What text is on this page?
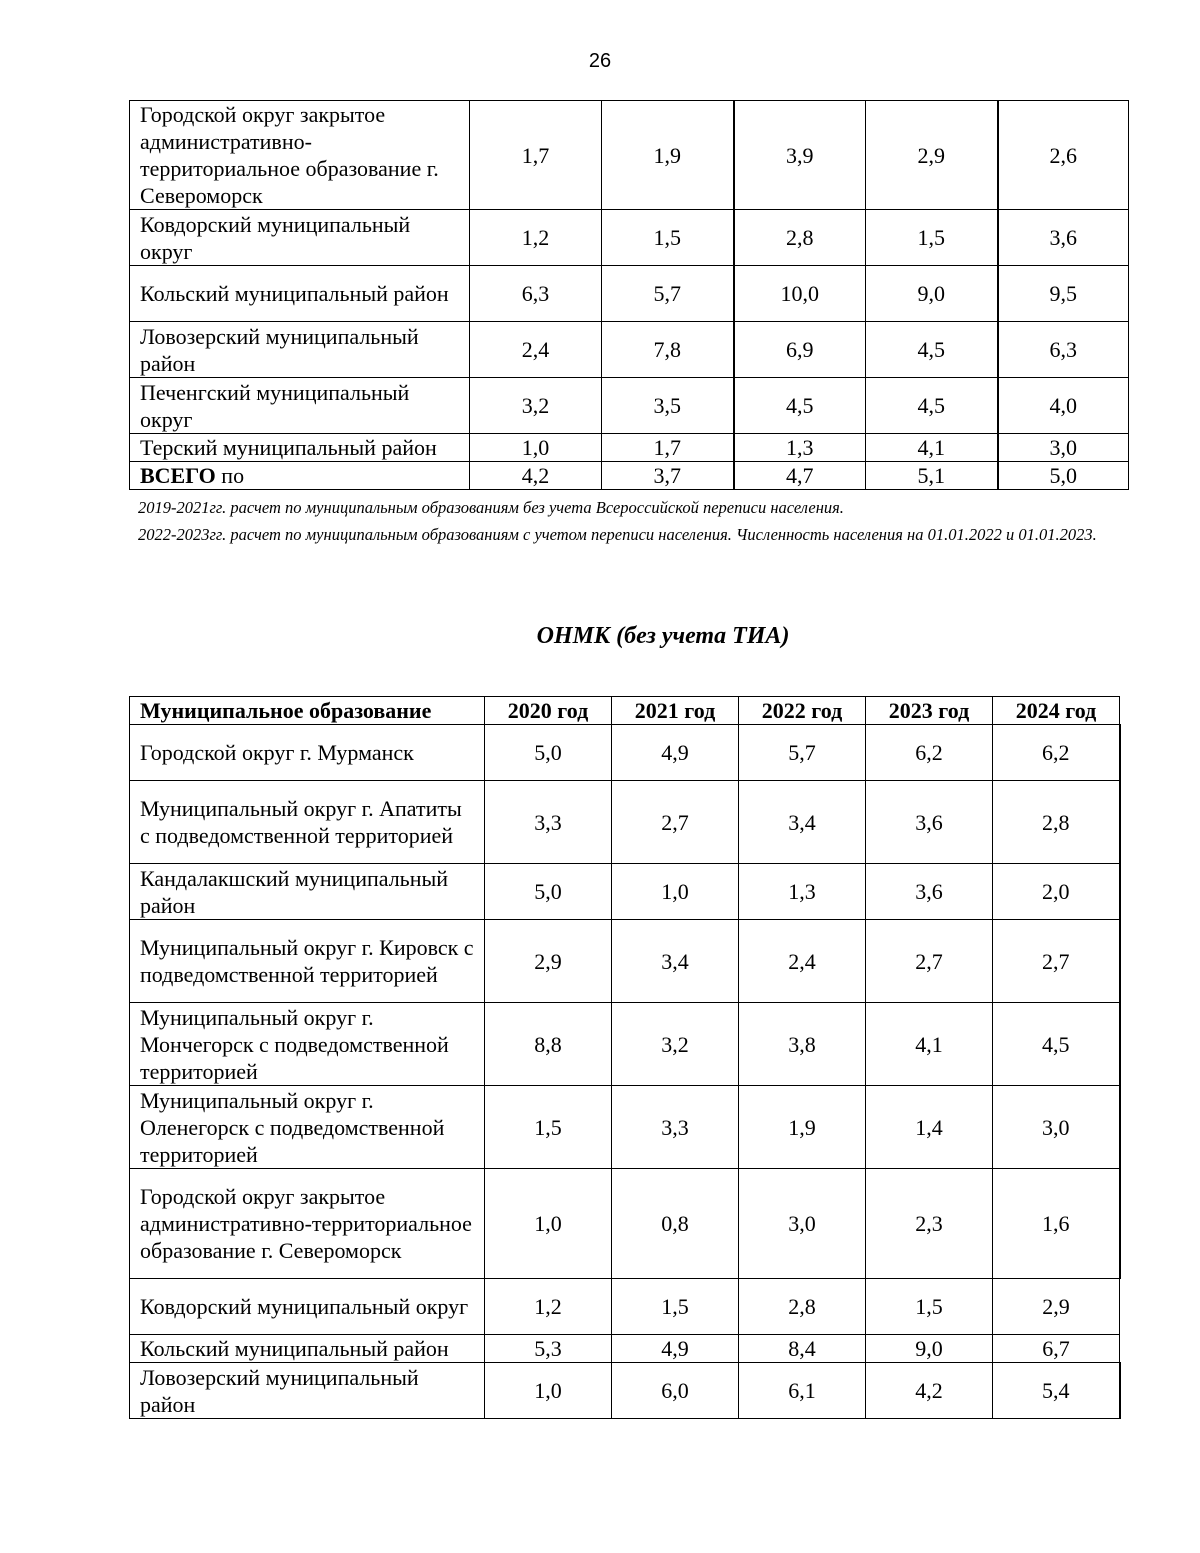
26
Городской округ закрытое административно-территориальное образование г. Североморск	1,7	1,9	3,9	2,9	2,6
Ковдорский муниципальный округ	1,2	1,5	2,8	1,5	3,6
Кольский муниципальный район	6,3	5,7	10,0	9,0	9,5
Ловозерский муниципальный район	2,4	7,8	6,9	4,5	6,3
Печенгский муниципальный округ	3,2	3,5	4,5	4,5	4,0
Терский муниципальный район	1,0	1,7	1,3	4,1	3,0
ВСЕГО по	4,2	3,7	4,7	5,1	5,0
2019-2021гг. расчет по муниципальным образованиям без учета Всероссийской переписи населения.
2022-2023гг. расчет по муниципальным образованиям с учетом переписи населения. Численность населения на 01.01.2022 и 01.01.2023.
ОНМК (без учета ТИА)
Муниципальное образование	2020 год	2021 год	2022 год	2023 год	2024 год
Городской округ г. Мурманск	5,0	4,9	5,7	6,2	6,2
Муниципальный округ г. Апатиты с подведомственной территорией	3,3	2,7	3,4	3,6	2,8
Кандалакшский муниципальный район	5,0	1,0	1,3	3,6	2,0
Муниципальный округ г. Кировск с подведомственной территорией	2,9	3,4	2,4	2,7	2,7
Муниципальный округ г. Мончегорск с подведомственной территорией	8,8	3,2	3,8	4,1	4,5
Муниципальный округ г. Оленегорск с подведомственной территорией	1,5	3,3	1,9	1,4	3,0
Городской округ закрытое административно-территориальное образование г. Североморск	1,0	0,8	3,0	2,3	1,6
Ковдорский муниципальный округ	1,2	1,5	2,8	1,5	2,9
Кольский муниципальный район	5,3	4,9	8,4	9,0	6,7
Ловозерский муниципальный район	1,0	6,0	6,1	4,2	5,4
